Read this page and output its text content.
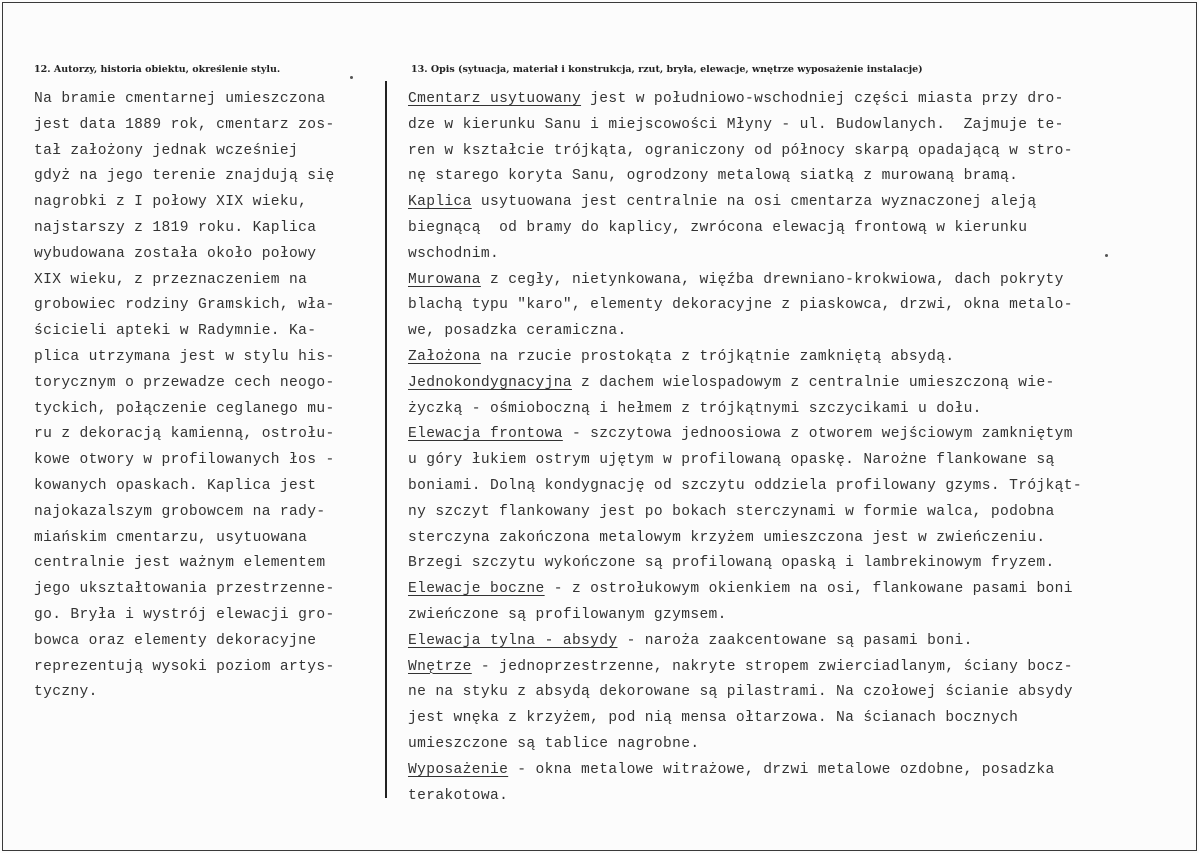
12. Autorzy, historia obiektu, określenie stylu.	13. Opis (sytuacja, materiał i konstrukcja, rzut, bryła, elewacje, wnętrze wyposażenie instalacje)
Na bramie cmentarnej umieszczona
jest data 1889 rok, cmentarz zos-
tał założony jednak wcześniej
gdyż na jego terenie znajdują się
nagrobki z I połowy XIX wieku,
najstarszy z 1819 roku. Kaplica
wybudowana została około połowy
XIX wieku, z przeznaczeniem na
grobowiec rodziny Gramskich, wła-
ścicieli apteki w Radymnie. Ka-
plica utrzymana jest w stylu his-
torycznym o przewadze cech neogo-
tyckich, połączenie ceglanego mu-
ru z dekoracją kamienną, ostrołu-
kowe otwory w profilowanych łos -
kowanych opaskach. Kaplica jest
najokazalszym grobowcem na rady-
miańskim cmentarzu, usytuowana
centralnie jest ważnym elementem
jego ukształtowania przestrzenne-
go. Bryła i wystrój elewacji gro-
bowca oraz elementy dekoracyjne
reprezentują wysoki poziom artys-
tyczny.
Cmentarz usytuowany jest w południowo-wschodniej części miasta przy dro-
dze w kierunku Sanu i miejscowości Młyny - ul. Budowlanych.  Zajmuje te-
ren w kształcie trójkąta, ograniczony od północy skarpą opadającą w stro-
nę starego koryta Sanu, ogrodzony metalową siatką z murowaną bramą.
Kaplica usytuowana jest centralnie na osi cmentarza wyznaczonej aleją
biegnącą  od bramy do kaplicy, zwrócona elewacją frontową w kierunku
wschodnim.
Murowana z cegły, nietynkowana, więźba drewniano-krokwiowa, dach pokryty
blachą typu "karo", elementy dekoracyjne z piaskowca, drzwi, okna metalo-
we, posadzka ceramiczna.
Założona na rzucie prostokąta z trójkątnie zamkniętą absydą.
Jednokondygnacyjna z dachem wielospadowym z centralnie umieszczoną wie-
życzką - ośmioboczną i hełmem z trójkątnymi szczycikami u dołu.
Elewacja frontowa - szczytowa jednoosiowa z otworem wejściowym zamkniętym
u góry łukiem ostrym ujętym w profilowaną opaskę. Narożne flankowane są
boniami. Dolną kondygnację od szczytu oddziela profilowany gzyms. Trójkąt-
ny szczyt flankowany jest po bokach sterczynami w formie walca, podobna
sterczyna zakończona metalowym krzyżem umieszczona jest w zwieńczeniu.
Brzegi szczytu wykończone są profilowaną opaską i lambrekinowym fryzem.
Elewacje boczne - z ostrołukowym okienkiem na osi, flankowane pasami boni
zwieńczone są profilowanym gzymsem.
Elewacja tylna - absydy - naroża zaakcentowane są pasami boni.
Wnętrze - jednoprzestrzenne, nakryte stropem zwierciadlanym, ściany bocz-
ne na styku z absydą dekorowane są pilastrami. Na czołowej ścianie absydy
jest wnęka z krzyżem, pod nią mensa ołtarzowa. Na ścianach bocznych
umieszczone są tablice nagrobne.
Wyposażenie - okna metalowe witrażowe, drzwi metalowe ozdobne, posadzka
terakotowa.
